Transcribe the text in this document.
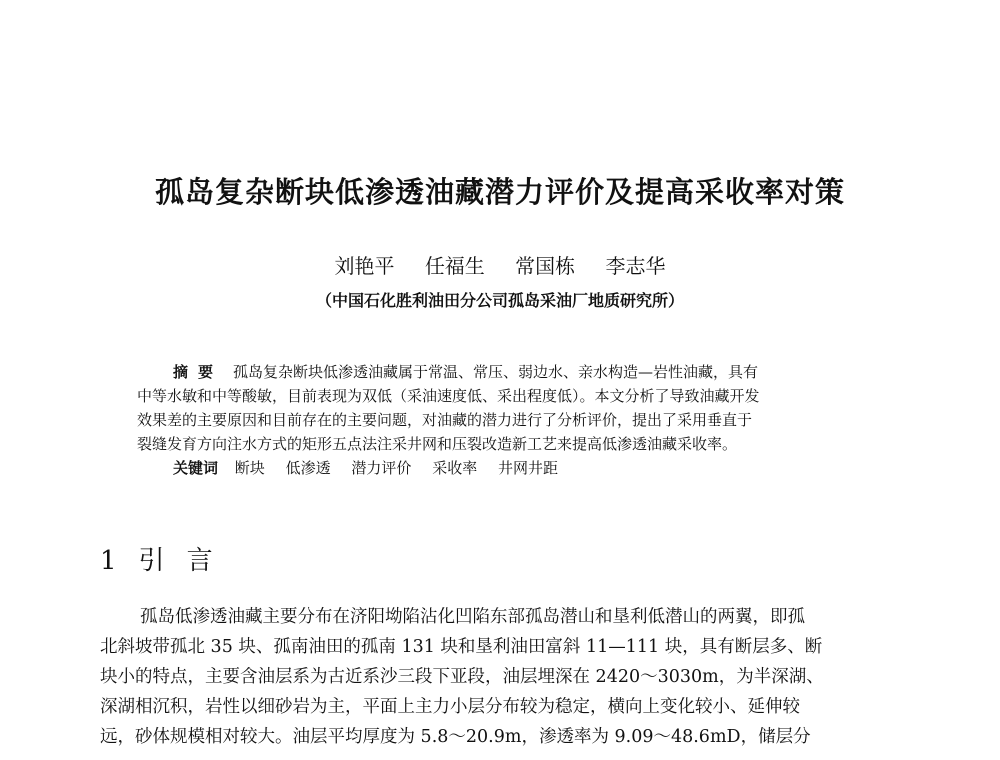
孤岛复杂断块低渗透油藏潜力评价及提高采收率对策
刘艳平 任福生 常国栋 李志华
（中国石化胜利油田分公司孤岛采油厂地质研究所）
摘要 孤岛复杂断块低渗透油藏属于常温、常压、弱边水、亲水构造—岩性油藏，具有
中等水敏和中等酸敏，目前表现为双低（采油速度低、采出程度低）。本文分析了导致油藏开发
效果差的主要原因和目前存在的主要问题，对油藏的潜力进行了分析评价，提出了采用垂直于
裂缝发育方向注水方式的矩形五点法注采井网和压裂改造新工艺来提高低渗透油藏采收率。
关键词 断块 低渗透 潜力评价 采收率 井网井距
1 引 言
孤岛低渗透油藏主要分布在济阳坳陷沾化凹陷东部孤岛潜山和垦利低潜山的两翼，即孤
北斜坡带孤北 35 块、孤南油田的孤南 131 块和垦利油田富斜 11—111 块，具有断层多、断
块小的特点，主要含油层系为古近系沙三段下亚段，油层埋深在 2420～3030m，为半深湖、
深湖相沉积，岩性以细砂岩为主，平面上主力小层分布较为稳定，横向上变化较小、延伸较
远，砂体规模相对较大。油层平均厚度为 5.8～20.9m，渗透率为 9.09～48.6mD，储层分
